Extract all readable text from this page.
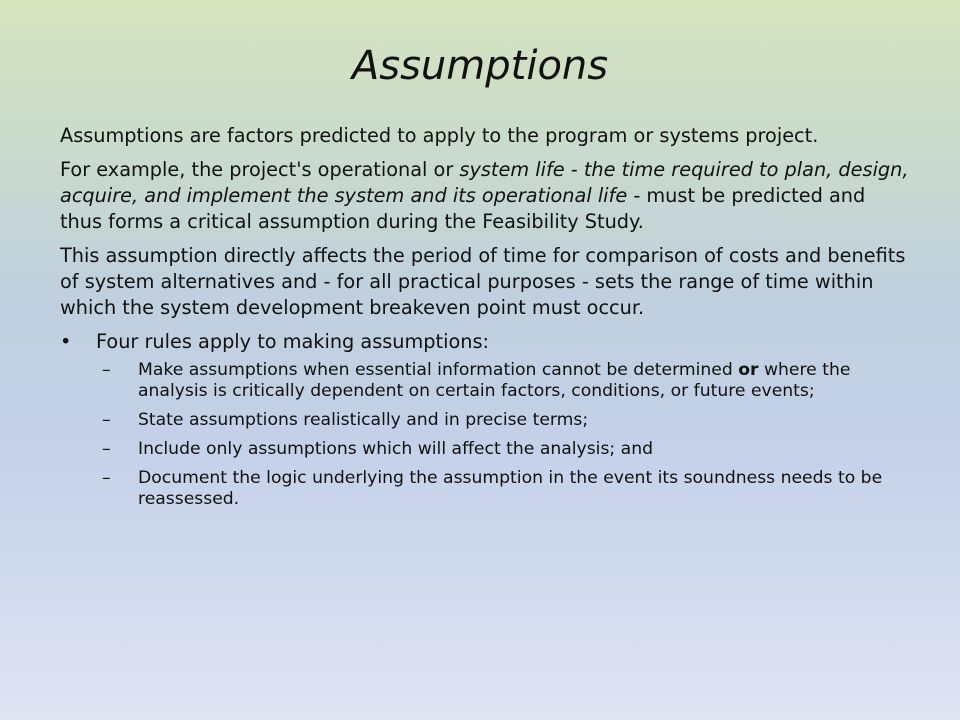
Assumptions

Assumptions are factors predicted to apply to the program or systems project.

For example, the project's operational or system life - the time required to plan, design, acquire, and implement the system and its operational life - must be predicted and thus forms a critical assumption during the Feasibility Study.

This assumption directly affects the period of time for comparison of costs and benefits of system alternatives and - for all practical purposes - sets the range of time within which the system development breakeven point must occur.

• Four rules apply to making assumptions:
– Make assumptions when essential information cannot be determined or where the analysis is critically dependent on certain factors, conditions, or future events;
– State assumptions realistically and in precise terms;
– Include only assumptions which will affect the analysis; and
– Document the logic underlying the assumption in the event its soundness needs to be reassessed.
